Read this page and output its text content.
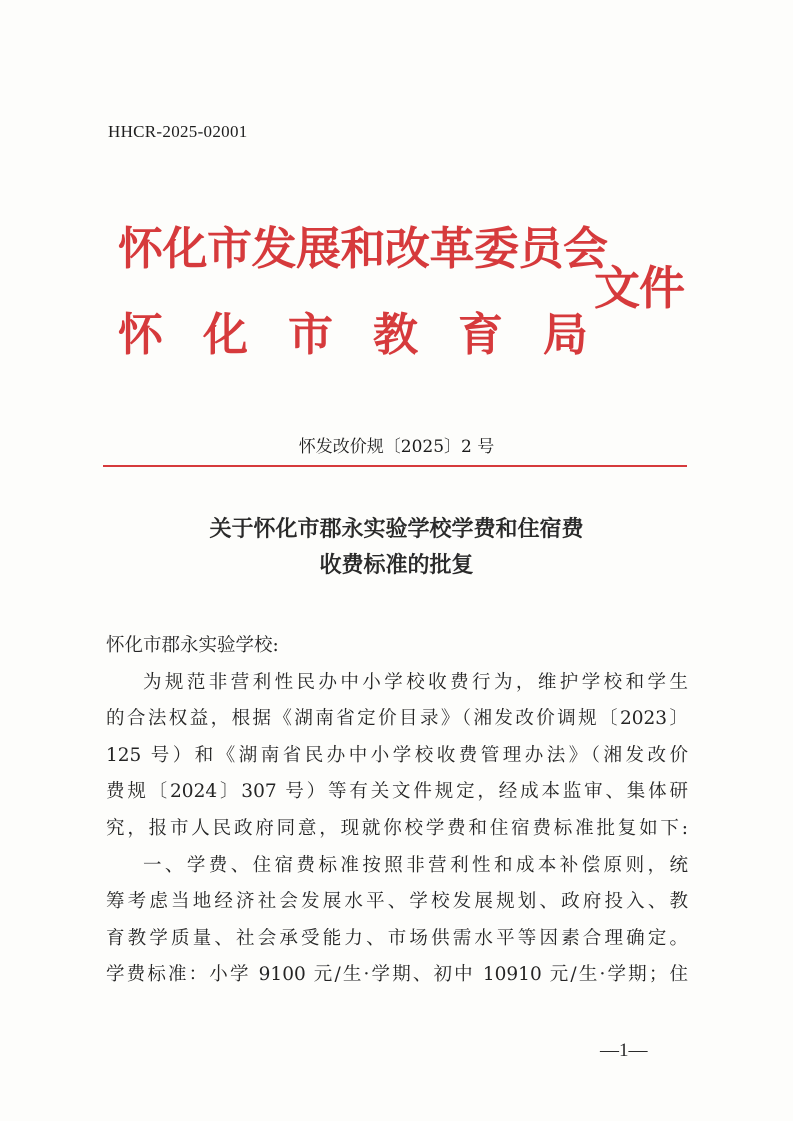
HHCR-2025-02001
怀化市发展和改革委员会
怀 化 市 教 育 局
文件
怀发改价规〔2025〕2 号
关于怀化市郡永实验学校学费和住宿费
收费标准的批复
怀化市郡永实验学校:
为规范非营利性民办中小学校收费行为，维护学校和学生
的合法权益，根据《湖南省定价目录》（湘发改价调规〔2023〕
125 号）和《湖南省民办中小学校收费管理办法》（湘发改价
费规〔2024〕307 号）等有关文件规定，经成本监审、集体研
究，报市人民政府同意，现就你校学费和住宿费标准批复如下:
一、学费、住宿费标准按照非营利性和成本补偿原则，统
筹考虑当地经济社会发展水平、学校发展规划、政府投入、教
育教学质量、社会承受能力、市场供需水平等因素合理确定。
学费标准：小学 9100 元/生·学期、初中 10910 元/生·学期；住
—1—
